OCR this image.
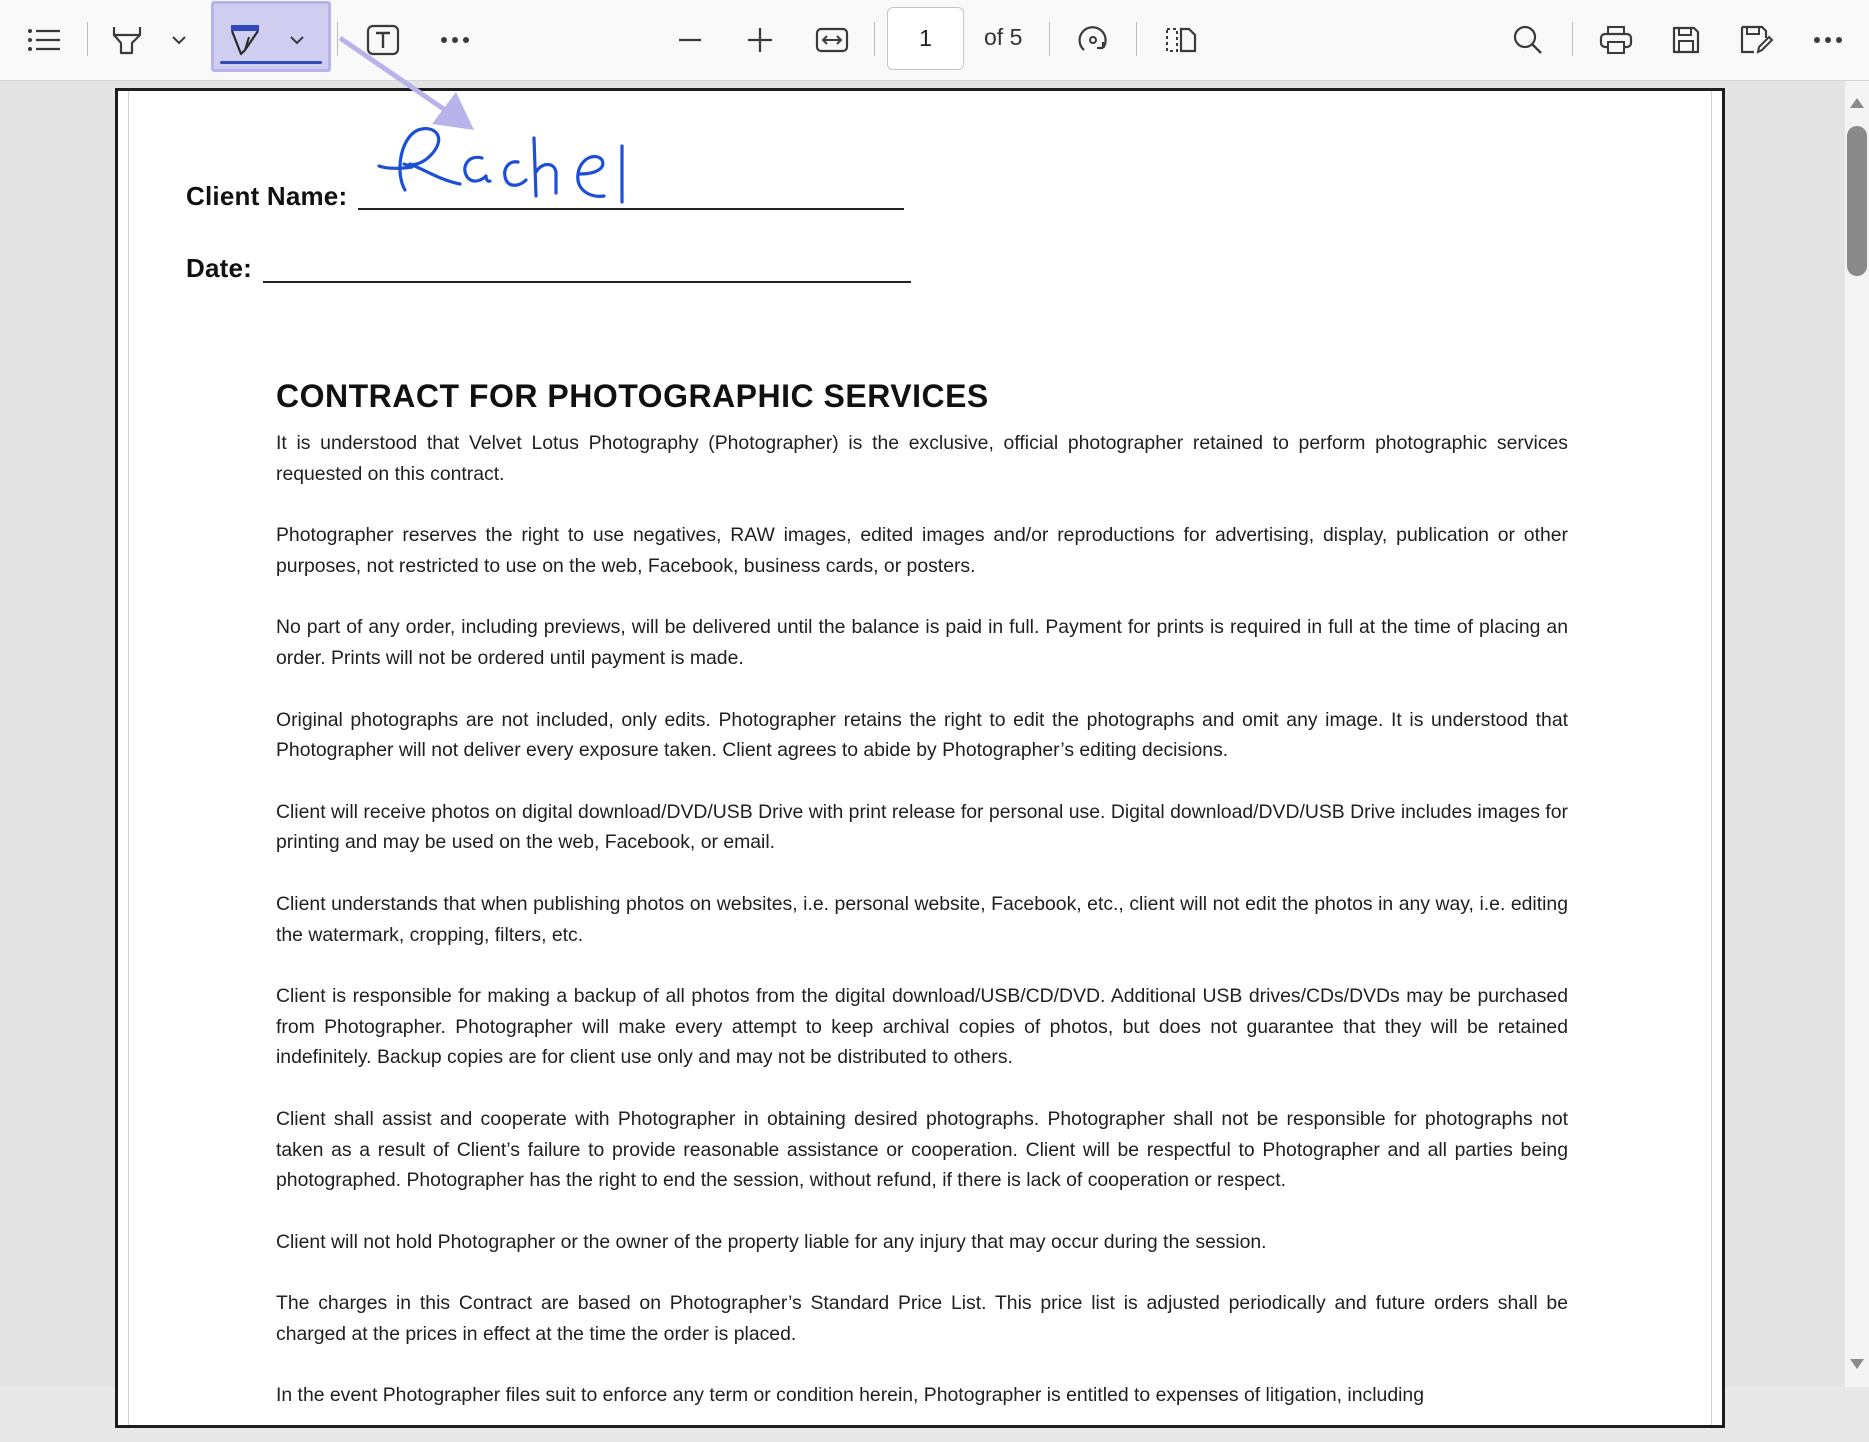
1	of 5
Client Name:
Date:
CONTRACT FOR PHOTOGRAPHIC SERVICES

It is understood that Velvet Lotus Photography (Photographer) is the exclusive, official photographer retained to perform photographic services requested on this contract.

Photographer reserves the right to use negatives, RAW images, edited images and/or reproductions for advertising, display, publication or other purposes, not restricted to use on the web, Facebook, business cards, or posters.

No part of any order, including previews, will be delivered until the balance is paid in full. Payment for prints is required in full at the time of placing an order. Prints will not be ordered until payment is made.

Original photographs are not included, only edits. Photographer retains the right to edit the photographs and omit any image. It is understood that Photographer will not deliver every exposure taken. Client agrees to abide by Photographer’s editing decisions.

Client will receive photos on digital download/DVD/USB Drive with print release for personal use. Digital download/DVD/USB Drive includes images for printing and may be used on the web, Facebook, or email.

Client understands that when publishing photos on websites, i.e. personal website, Facebook, etc., client will not edit the photos in any way, i.e. editing the watermark, cropping, filters, etc.

Client is responsible for making a backup of all photos from the digital download/USB/CD/DVD. Additional USB drives/CDs/DVDs may be purchased from Photographer. Photographer will make every attempt to keep archival copies of photos, but does not guarantee that they will be retained indefinitely. Backup copies are for client use only and may not be distributed to others.

Client shall assist and cooperate with Photographer in obtaining desired photographs. Photographer shall not be responsible for photographs not taken as a result of Client’s failure to provide reasonable assistance or cooperation. Client will be respectful to Photographer and all parties being photographed. Photographer has the right to end the session, without refund, if there is lack of cooperation or respect.

Client will not hold Photographer or the owner of the property liable for any injury that may occur during the session.

The charges in this Contract are based on Photographer’s Standard Price List. This price list is adjusted periodically and future orders shall be charged at the prices in effect at the time the order is placed.

In the event Photographer files suit to enforce any term or condition herein, Photographer is entitled to expenses of litigation, including
